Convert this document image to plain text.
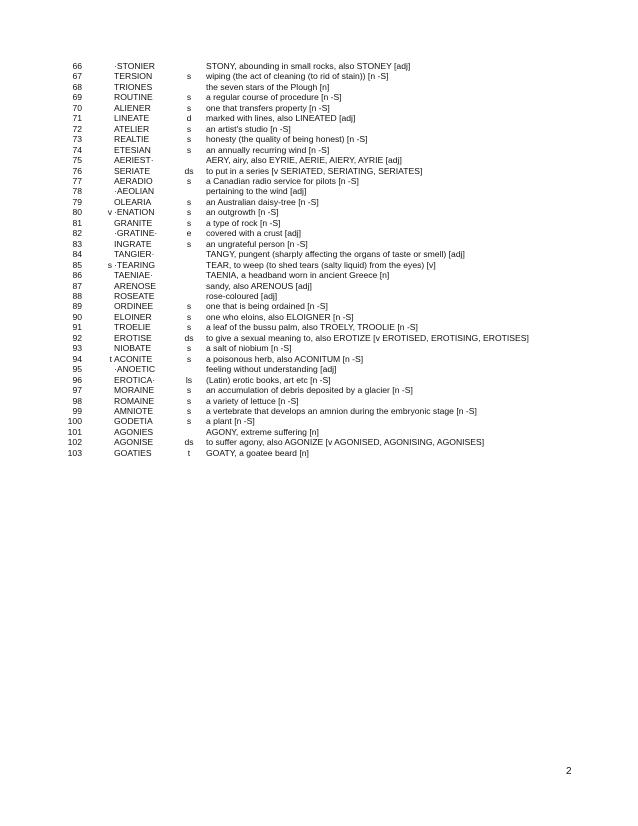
66		·STONIER		STONY, abounding in small rocks, also STONEY [adj]
67		TERSION	s	wiping (the act of cleaning (to rid of stain)) [n -S]
68		TRIONES		the seven stars of the Plough [n]
69		ROUTINE	s	a regular course of procedure [n -S]
70		ALIENER	s	one that transfers property [n -S]
71		LINEATE	d	marked with lines, also LINEATED [adj]
72		ATELIER	s	an artist's studio [n -S]
73		REALTIE	s	honesty (the quality of being honest) [n -S]
74		ETESIAN	s	an annually recurring wind [n -S]
75		AERIEST·		AERY, airy, also EYRIE, AERIE, AIERY, AYRIE [adj]
76		SERIATE	ds	to put in a series [v SERIATED, SERIATING, SERIATES]
77		AERADIO	s	a Canadian radio service for pilots [n -S]
78		·AEOLIAN		pertaining to the wind [adj]
79		OLEARIA	s	an Australian daisy-tree [n -S]
80	v	·ENATION	s	an outgrowth [n -S]
81		GRANITE	s	a type of rock [n -S]
82		·GRATINE·	e	covered with a crust [adj]
83		INGRATE	s	an ungrateful person [n -S]
84		TANGIER·		TANGY, pungent (sharply affecting the organs of taste or smell) [adj]
85	s	·TEARING		TEAR, to weep (to shed tears (salty liquid) from the eyes) [v]
86		TAENIAE·		TAENIA, a headband worn in ancient Greece [n]
87		ARENOSE		sandy, also ARENOUS [adj]
88		ROSEATE		rose-coloured [adj]
89		ORDINEE	s	one that is being ordained [n -S]
90		ELOINER	s	one who eloins, also ELOIGNER [n -S]
91		TROELIE	s	a leaf of the bussu palm, also TROELY, TROOLIE [n -S]
92		EROTISE	ds	to give a sexual meaning to, also EROTIZE [v EROTISED, EROTISING, EROTISES]
93		NIOBATE	s	a salt of niobium [n -S]
94	t	ACONITE	s	a poisonous herb, also ACONITUM [n -S]
95		·ANOETIC		feeling without understanding [adj]
96		EROTICA·	ls	(Latin) erotic books, art etc [n -S]
97		MORAINE	s	an accumulation of debris deposited by a glacier [n -S]
98		ROMAINE	s	a variety of lettuce [n -S]
99		AMNIOTE	s	a vertebrate that develops an amnion during the embryonic stage [n -S]
100		GODETIA	s	a plant [n -S]
101		AGONIES		AGONY, extreme suffering [n]
102		AGONISE	ds	to suffer agony, also AGONIZE [v AGONISED, AGONISING, AGONISES]
103		GOATIES	t	GOATY, a goatee beard [n]
2
